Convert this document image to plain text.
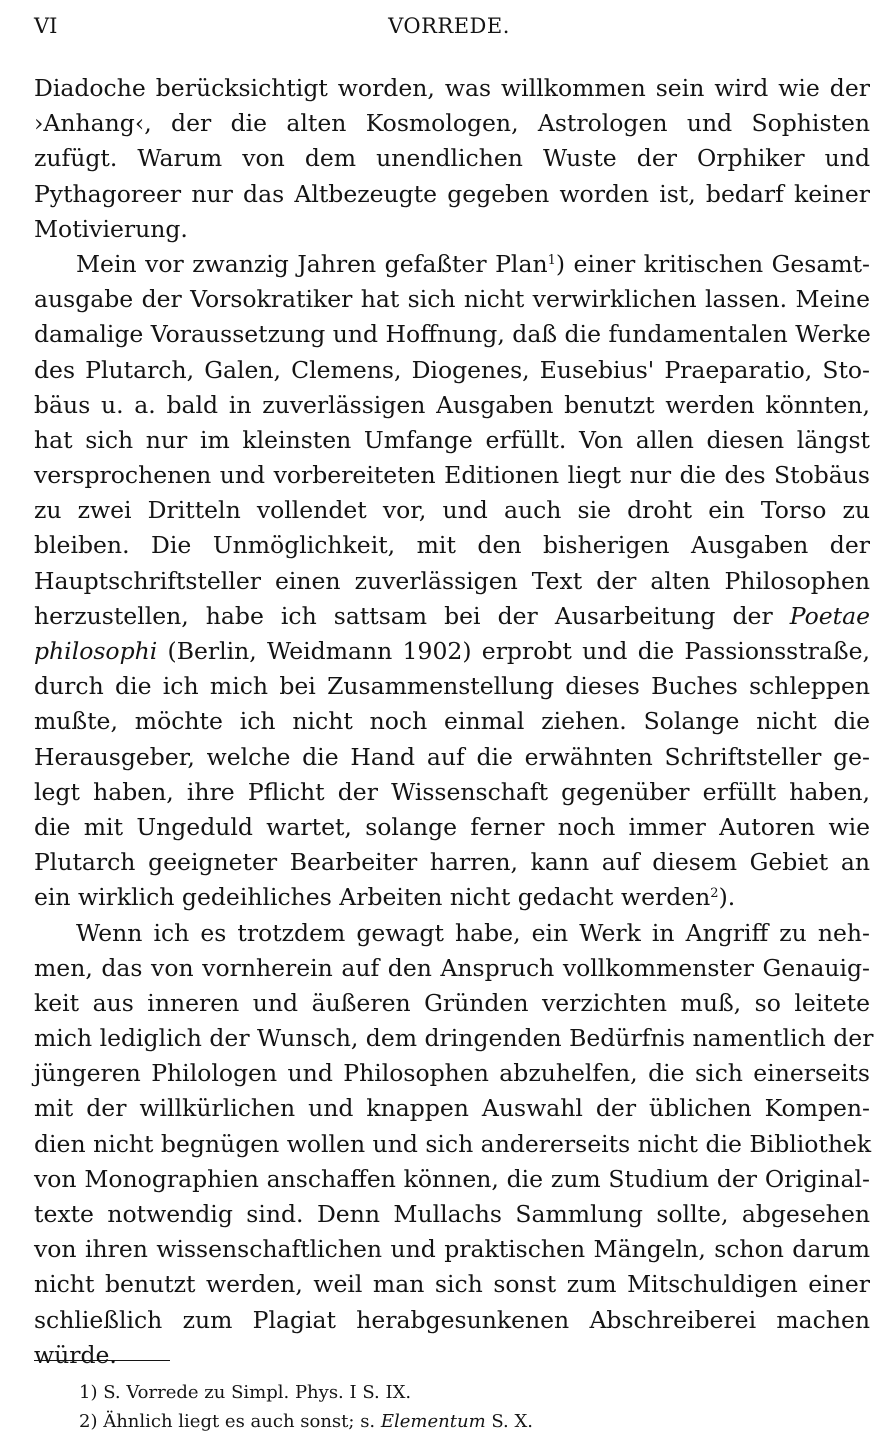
VI	VORREDE.
Diadoche berücksichtigt worden, was willkommen sein wird wie der
›Anhang‹, der die alten Kosmologen, Astrologen und Sophisten
zufügt. Warum von dem unendlichen Wuste der Orphiker und
Pythagoreer nur das Altbezeugte gegeben worden ist, bedarf keiner
Motivierung.
Mein vor zwanzig Jahren gefaßter Plan$^1$) einer kritischen Gesamt-
ausgabe der Vorsokratiker hat sich nicht verwirklichen lassen. Meine
damalige Voraussetzung und Hoffnung, daß die fundamentalen Werke
des Plutarch, Galen, Clemens, Diogenes, Eusebius' Praeparatio, Sto-
bäus u. a. bald in zuverlässigen Ausgaben benutzt werden könnten,
hat sich nur im kleinsten Umfange erfüllt. Von allen diesen längst
versprochenen und vorbereiteten Editionen liegt nur die des Stobäus
zu zwei Dritteln vollendet vor, und auch sie droht ein Torso zu
bleiben. Die Unmöglichkeit, mit den bisherigen Ausgaben der
Hauptschriftsteller einen zuverlässigen Text der alten Philosophen
herzustellen, habe ich sattsam bei der Ausarbeitung der Poetae
philosophi (Berlin, Weidmann 1902) erprobt und die Passionsstraße,
durch die ich mich bei Zusammenstellung dieses Buches schleppen
mußte, möchte ich nicht noch einmal ziehen. Solange nicht die
Herausgeber, welche die Hand auf die erwähnten Schriftsteller ge-
legt haben, ihre Pflicht der Wissenschaft gegenüber erfüllt haben,
die mit Ungeduld wartet, solange ferner noch immer Autoren wie
Plutarch geeigneter Bearbeiter harren, kann auf diesem Gebiet an
ein wirklich gedeihliches Arbeiten nicht gedacht werden$^2$).
Wenn ich es trotzdem gewagt habe, ein Werk in Angriff zu neh-
men, das von vornherein auf den Anspruch vollkommenster Genauig-
keit aus inneren und äußeren Gründen verzichten muß, so leitete
mich lediglich der Wunsch, dem dringenden Bedürfnis namentlich der
jüngeren Philologen und Philosophen abzuhelfen, die sich einerseits
mit der willkürlichen und knappen Auswahl der üblichen Kompen-
dien nicht begnügen wollen und sich andererseits nicht die Bibliothek
von Monographien anschaffen können, die zum Studium der Original-
texte notwendig sind. Denn Mullachs Sammlung sollte, abgesehen
von ihren wissenschaftlichen und praktischen Mängeln, schon darum
nicht benutzt werden, weil man sich sonst zum Mitschuldigen einer
schließlich zum Plagiat herabgesunkenen Abschreiberei machen
würde.
1) S. Vorrede zu Simpl. Phys. I S. IX.
2) Ähnlich liegt es auch sonst; s. Elementum S. X.
